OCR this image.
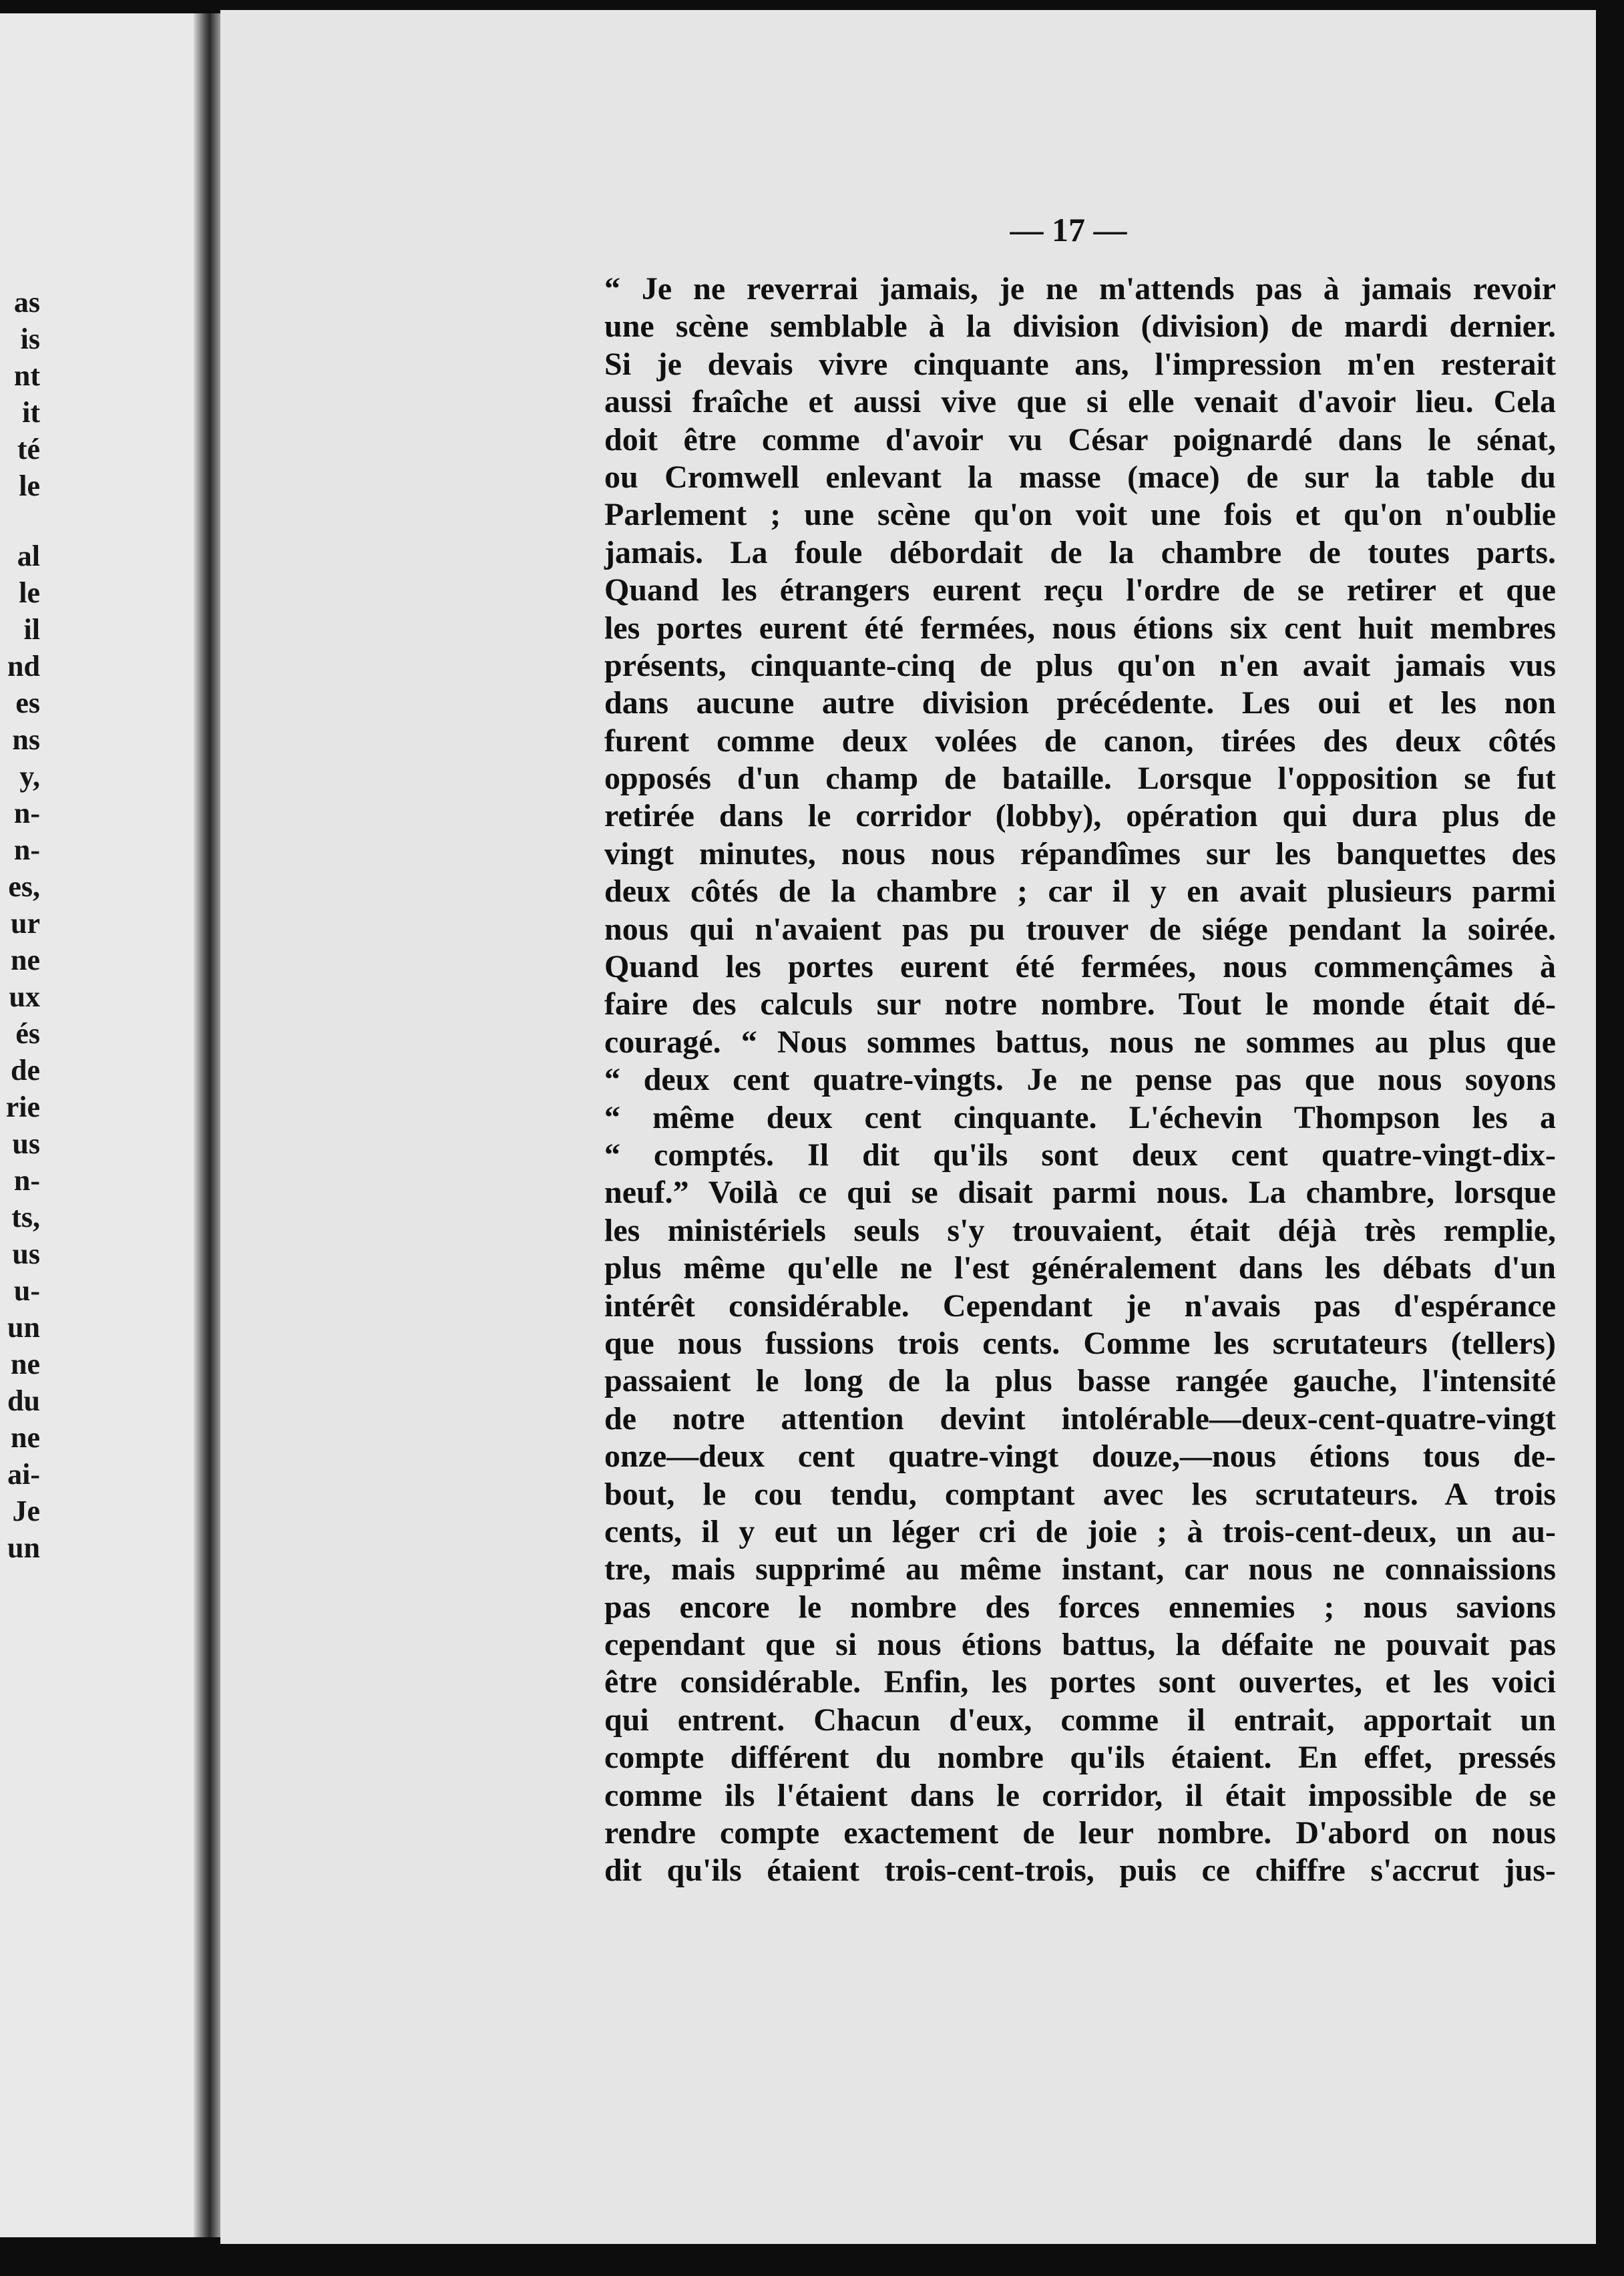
as
is
nt
it
té
le
al
le
il
nd
es
ns
y,
n-
n-
es,
ur
ne
ux
és
de
rie
us
n-
ts,
us
u-
un
ne
du
ne
ai-
Je
un
— 17 —
“ Je ne reverrai jamais, je ne m'attends pas à jamais revoir
une scène semblable à la division (division) de mardi dernier.
Si je devais vivre cinquante ans, l'impression m'en resterait
aussi fraîche et aussi vive que si elle venait d'avoir lieu. Cela
doit être comme d'avoir vu César poignardé dans le sénat,
ou Cromwell enlevant la masse (mace) de sur la table du
Parlement ; une scène qu'on voit une fois et qu'on n'oublie
jamais. La foule débordait de la chambre de toutes parts.
Quand les étrangers eurent reçu l'ordre de se retirer et que
les portes eurent été fermées, nous étions six cent huit membres
présents, cinquante-cinq de plus qu'on n'en avait jamais vus
dans aucune autre division précédente. Les oui et les non
furent comme deux volées de canon, tirées des deux côtés
opposés d'un champ de bataille. Lorsque l'opposition se fut
retirée dans le corridor (lobby), opération qui dura plus de
vingt minutes, nous nous répandîmes sur les banquettes des
deux côtés de la chambre ; car il y en avait plusieurs parmi
nous qui n'avaient pas pu trouver de siége pendant la soirée.
Quand les portes eurent été fermées, nous commençâmes à
faire des calculs sur notre nombre. Tout le monde était dé-
couragé. “ Nous sommes battus, nous ne sommes au plus que
“ deux cent quatre-vingts. Je ne pense pas que nous soyons
“ même deux cent cinquante. L'échevin Thompson les a
“ comptés. Il dit qu'ils sont deux cent quatre-vingt-dix-
neuf.” Voilà ce qui se disait parmi nous. La chambre, lorsque
les ministériels seuls s'y trouvaient, était déjà très remplie,
plus même qu'elle ne l'est généralement dans les débats d'un
intérêt considérable. Cependant je n'avais pas d'espérance
que nous fussions trois cents. Comme les scrutateurs (tellers)
passaient le long de la plus basse rangée gauche, l'intensité
de notre attention devint intolérable—deux-cent-quatre-vingt
onze—deux cent quatre-vingt douze,—nous étions tous de-
bout, le cou tendu, comptant avec les scrutateurs. A trois
cents, il y eut un léger cri de joie ; à trois-cent-deux, un au-
tre, mais supprimé au même instant, car nous ne connaissions
pas encore le nombre des forces ennemies ; nous savions
cependant que si nous étions battus, la défaite ne pouvait pas
être considérable. Enfin, les portes sont ouvertes, et les voici
qui entrent. Chacun d'eux, comme il entrait, apportait un
compte différent du nombre qu'ils étaient. En effet, pressés
comme ils l'étaient dans le corridor, il était impossible de se
rendre compte exactement de leur nombre. D'abord on nous
dit qu'ils étaient trois-cent-trois, puis ce chiffre s'accrut jus-
